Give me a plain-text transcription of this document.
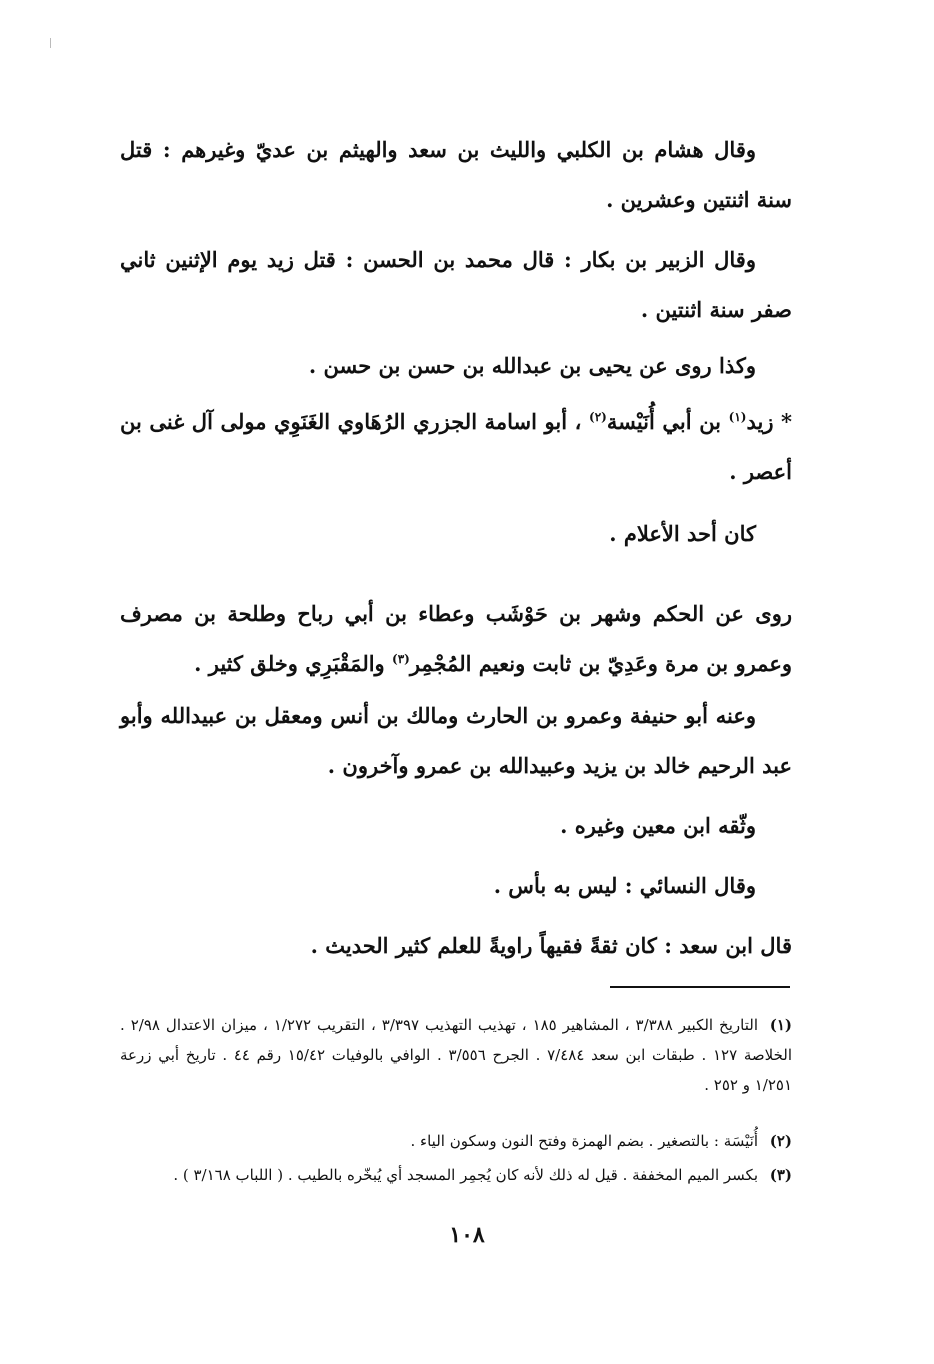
وقال هشام بن الكلبي والليث بن سعد والهيثم بن عديّ وغيرهم : قتل سنة اثنتين وعشرين .

وقال الزبير بن بكار : قال محمد بن الحسن : قتل زيد يوم الإثنين ثاني صفر سنة اثنتين .

وكذا روى عن يحيى بن عبدالله بن حسن بن حسن .

* زيد$^{(١)}$ بن أبي أُنَيْسة$^{(٢)}$ ، أبو اسامة الجزري الرُهَاوي الغَنَوِي مولى آل غنى بن أعصر .

كان أحد الأعلام .

روى عن الحكم وشهر بن حَوْشَب وعطاء بن أبي رباح وطلحة بن مصرف وعمرو بن مرة وعَدِيّ بن ثابت ونعيم المُجْمِر$^{(٣)}$ والمَقْبَرِي وخلق كثير .

وعنه أبو حنيفة وعمرو بن الحارث ومالك بن أنس ومعقل بن عبيدالله وأبو عبد الرحيم خالد بن يزيد وعبيدالله بن عمرو وآخرون .

وثّقه ابن معين وغيره .

وقال النسائي : ليس به بأس .

قال ابن سعد : كان ثقةً فقيهاً راويةً للعلم كثير الحديث .

(١)التاريخ الكبير ٣/٣٨٨ ، المشاهير ١٨٥ ، تهذيب التهذيب ٣/٣٩٧ ، التقريب ١/٢٧٢ ، ميزان الاعتدال ٢/٩٨ . الخلاصة ١٢٧ . طبقات ابن سعد ٧/٤٨٤ . الجرح ٣/٥٥٦ . الوافي بالوفيات ١٥/٤٢ رقم ٤٤ . تاريخ أبي زرعة ١/٢٥١ و ٢٥٢ .

(٢)أُنَيْسَة : بالتصغير . بضم الهمزة وفتح النون وسكون الياء .

(٣)بكسر الميم المخففة . قيل له ذلك لأنه كان يُجمِر المسجد أي يُبخّره بالطيب . ( اللباب ٣/١٦٨ ) .

١٠٨
